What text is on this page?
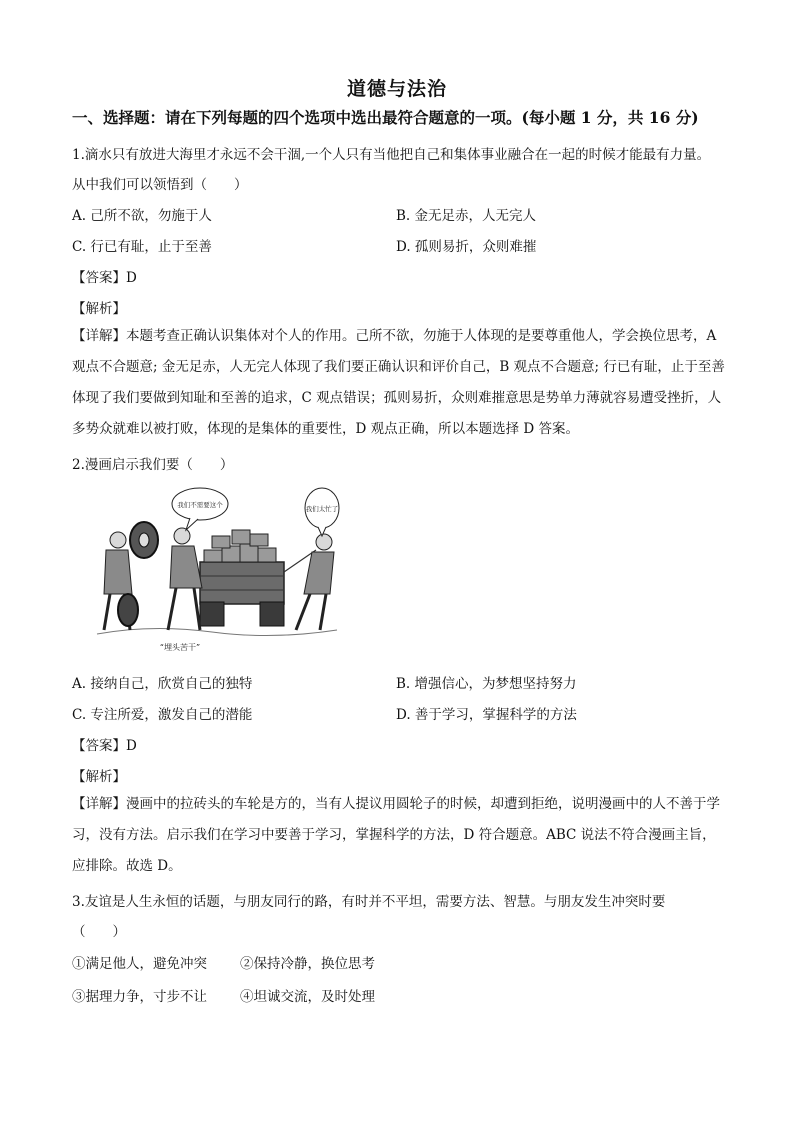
道德与法治
一、选择题：请在下列每题的四个选项中选出最符合题意的一项。(每小题 1 分，共 16 分)
1.滴水只有放进大海里才永远不会干涸,一个人只有当他把自己和集体事业融合在一起的时候才能最有力量。
从中我们可以领悟到（　　）
A. 己所不欲，勿施于人	B. 金无足赤，人无完人
C. 行已有耻，止于至善	D. 孤则易折，众则难摧
【答案】D
【解析】
【详解】本题考查正确认识集体对个人的作用。己所不欲，勿施于人体现的是要尊重他人，学会换位思考，A 观点不合题意; 金无足赤，人无完人体现了我们要正确认识和评价自己，B 观点不合题意; 行已有耻，止于至善体现了我们要做到知耻和至善的追求，C 观点错误；孤则易折，众则难摧意思是势单力薄就容易遭受挫折，人多势众就难以被打败，体现的是集体的重要性，D 观点正确，所以本题选择 D 答案。
2.漫画启示我们要（　　）
我们不需要这个	我们太忙了
“埋头苦干”
A. 接纳自己，欣赏自己的独特	B. 增强信心，为梦想坚持努力
C. 专注所爱，激发自己的潜能	D. 善于学习，掌握科学的方法
【答案】D
【解析】
【详解】漫画中的拉砖头的车轮是方的，当有人提议用圆轮子的时候，却遭到拒绝，说明漫画中的人不善于学习，没有方法。启示我们在学习中要善于学习，掌握科学的方法，D 符合题意。ABC 说法不符合漫画主旨，应排除。故选 D。
3.友谊是人生永恒的话题，与朋友同行的路，有时并不平坦，需要方法、智慧。与朋友发生冲突时要
（　　）
①满足他人，避免冲突 ②保持冷静，换位思考
③据理力争，寸步不让 ④坦诚交流，及时处理
